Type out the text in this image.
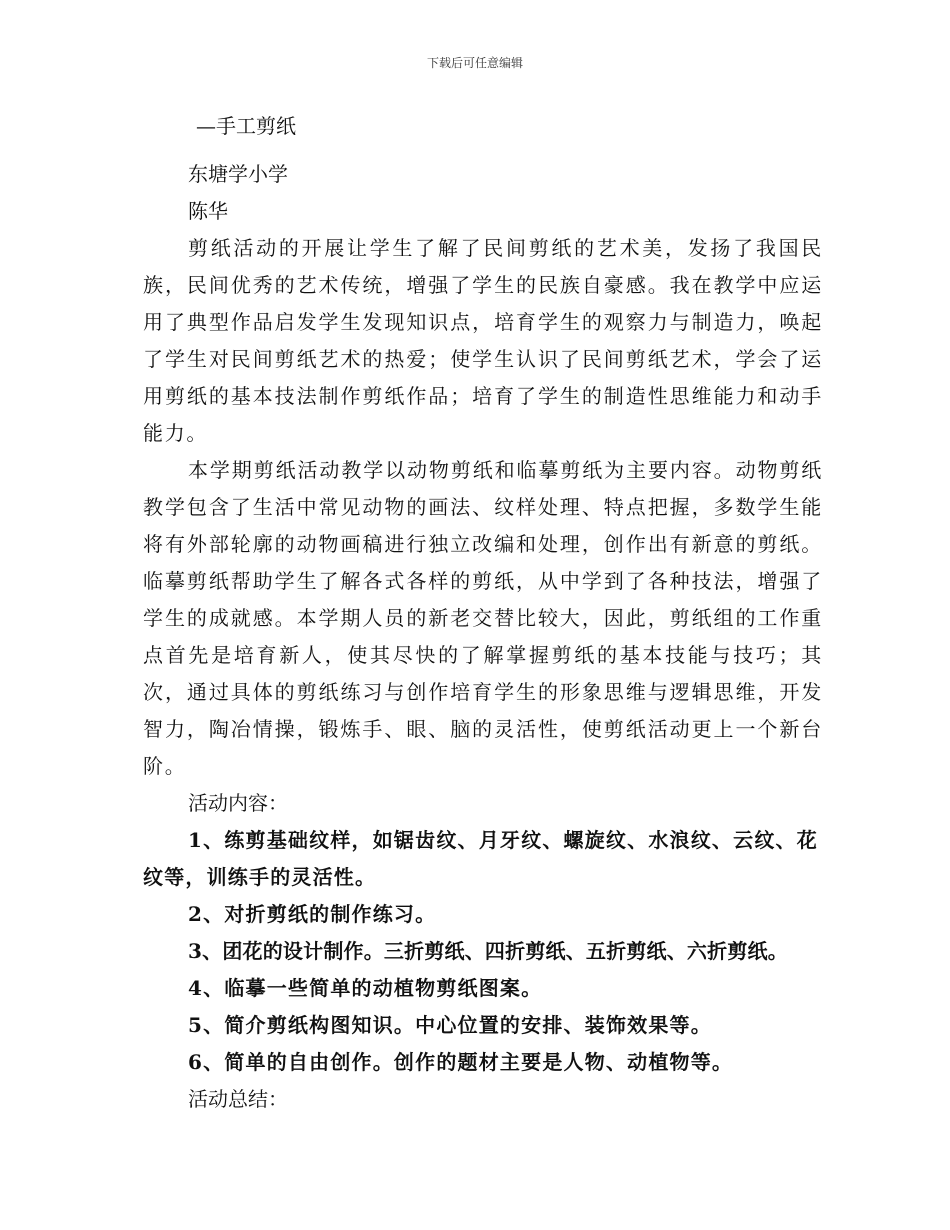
下载后可任意编辑
—手工剪纸
东塘学小学
陈华

剪纸活动的开展让学生了解了民间剪纸的艺术美，发扬了我国民族，民间优秀的艺术传统，增强了学生的民族自豪感。我在教学中应运用了典型作品启发学生发现知识点，培育学生的观察力与制造力，唤起了学生对民间剪纸艺术的热爱；使学生认识了民间剪纸艺术，学会了运用剪纸的基本技法制作剪纸作品；培育了学生的制造性思维能力和动手能力。

本学期剪纸活动教学以动物剪纸和临摹剪纸为主要内容。动物剪纸教学包含了生活中常见动物的画法、纹样处理、特点把握，多数学生能将有外部轮廓的动物画稿进行独立改编和处理，创作出有新意的剪纸。临摹剪纸帮助学生了解各式各样的剪纸，从中学到了各种技法，增强了学生的成就感。本学期人员的新老交替比较大，因此，剪纸组的工作重点首先是培育新人，使其尽快的了解掌握剪纸的基本技能与技巧；其次，通过具体的剪纸练习与创作培育学生的形象思维与逻辑思维，开发智力，陶冶情操，锻炼手、眼、脑的灵活性，使剪纸活动更上一个新台阶。

活动内容：

1、练剪基础纹样，如锯齿纹、月牙纹、螺旋纹、水浪纹、云纹、花纹等，训练手的灵活性。

2、对折剪纸的制作练习。

3、团花的设计制作。三折剪纸、四折剪纸、五折剪纸、六折剪纸。

4、临摹一些简单的动植物剪纸图案。

5、简介剪纸构图知识。中心位置的安排、装饰效果等。

6、简单的自由创作。创作的题材主要是人物、动植物等。

活动总结：
